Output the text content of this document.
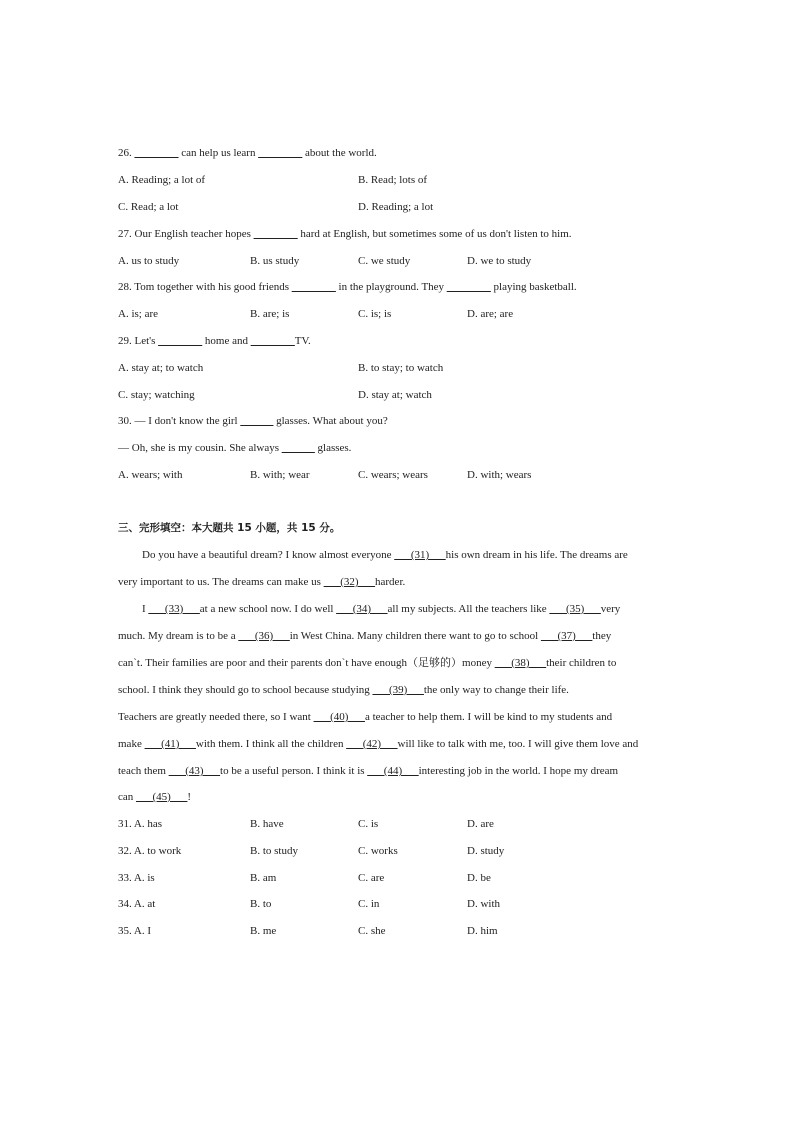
26. ________ can help us learn ________ about the world.
A. Reading; a lot of	B. Read; lots of
C. Read; a lot	D. Reading; a lot
27. Our English teacher hopes ________ hard at English, but sometimes some of us don't listen to him.
A. us to study	B. us study	C. we study	D. we to study
28. Tom together with his good friends ________ in the playground. They ________ playing basketball.
A. is; are	B. are; is	C. is; is	D. are; are
29. Let's ________ home and ________TV.
A. stay at; to watch	B. to stay; to watch
C. stay; watching	D. stay at; watch
30. — I don't know the girl ______ glasses. What about you?
— Oh, she is my cousin. She always ______ glasses.
A. wears; with	B. with; wear	C. wears; wears	D. with; wears
三、完形填空：本大题共 15 小题，共 15 分。
Do you have a beautiful dream? I know almost everyone ___(31)___his own dream in his life. The dreams are
very important to us. The dreams can make us ___(32)___harder.
I ___(33)___at a new school now. I do well ___(34)___all my subjects. All the teachers like ___(35)___very
much. My dream is to be a ___(36)___in West China. Many children there want to go to school ___(37)___they
can`t. Their families are poor and their parents don`t have enough（足够的）money ___(38)___their children to
school. I think they should go to school because studying ___(39)___the only way to change their life.
Teachers are greatly needed there, so I want ___(40)___a teacher to help them. I will be kind to my students and
make ___(41)___with them. I think all the children ___(42)___will like to talk with me, too. I will give them love and
teach them ___(43)___to be a useful person. I think it is ___(44)___interesting job in the world. I hope my dream
can ___(45)___!
31. A. has	B. have	C. is	D. are
32. A. to work	B. to study	C. works	D. study
33. A. is	B. am	C. are	D. be
34. A. at	B. to	C. in	D. with
35. A. I	B. me	C. she	D. him
